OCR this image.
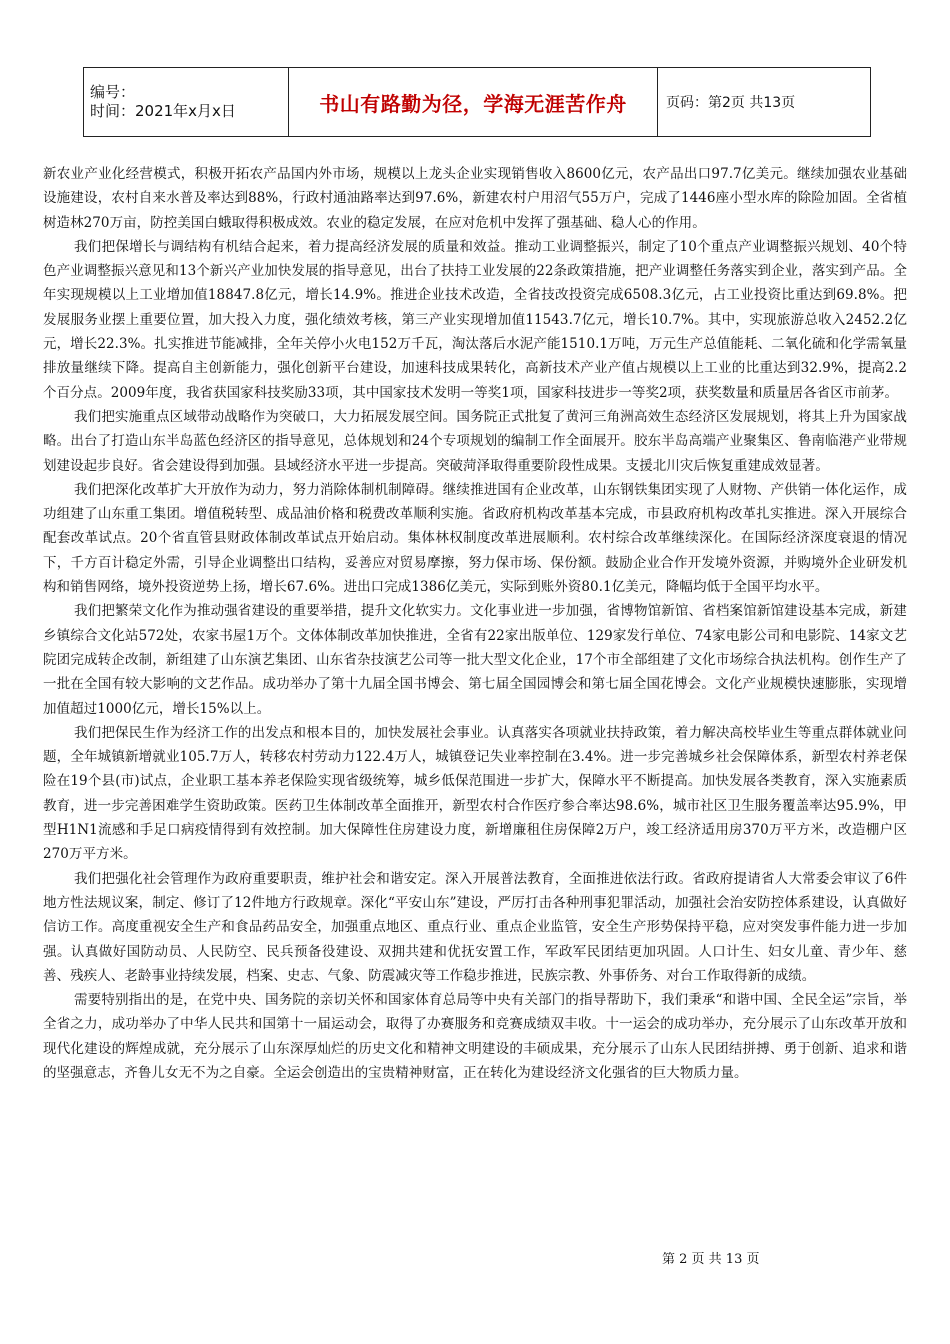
编号：
时间：2021年x月x日	书山有路勤为径，学海无涯苦作舟	页码：第2页 共13页

新农业产业化经营模式，积极开拓农产品国内外市场，规模以上龙头企业实现销售收入8600亿元，农产品出口97.7亿美元。继续加强农业基础设施建设，农村自来水普及率达到88%，行政村通油路率达到97.6%，新建农村户用沼气55万户，完成了1446座小型水库的除险加固。全省植树造林270万亩，防控美国白蛾取得积极成效。农业的稳定发展，在应对危机中发挥了强基础、稳人心的作用。

我们把保增长与调结构有机结合起来，着力提高经济发展的质量和效益。推动工业调整振兴，制定了10个重点产业调整振兴规划、40个特色产业调整振兴意见和13个新兴产业加快发展的指导意见，出台了扶持工业发展的22条政策措施，把产业调整任务落实到企业，落实到产品。全年实现规模以上工业增加值18847.8亿元，增长14.9%。推进企业技术改造，全省技改投资完成6508.3亿元，占工业投资比重达到69.8%。把发展服务业摆上重要位置，加大投入力度，强化绩效考核，第三产业实现增加值11543.7亿元，增长10.7%。其中，实现旅游总收入2452.2亿元，增长22.3%。扎实推进节能减排，全年关停小火电152万千瓦，淘汰落后水泥产能1510.1万吨，万元生产总值能耗、二氧化硫和化学需氧量排放量继续下降。提高自主创新能力，强化创新平台建设，加速科技成果转化，高新技术产业产值占规模以上工业的比重达到32.9%，提高2.2个百分点。2009年度，我省获国家科技奖励33项，其中国家技术发明一等奖1项，国家科技进步一等奖2项，获奖数量和质量居各省区市前茅。

我们把实施重点区域带动战略作为突破口，大力拓展发展空间。国务院正式批复了黄河三角洲高效生态经济区发展规划，将其上升为国家战略。出台了打造山东半岛蓝色经济区的指导意见，总体规划和24个专项规划的编制工作全面展开。胶东半岛高端产业聚集区、鲁南临港产业带规划建设起步良好。省会建设得到加强。县域经济水平进一步提高。突破菏泽取得重要阶段性成果。支援北川灾后恢复重建成效显著。

我们把深化改革扩大开放作为动力，努力消除体制机制障碍。继续推进国有企业改革，山东钢铁集团实现了人财物、产供销一体化运作，成功组建了山东重工集团。增值税转型、成品油价格和税费改革顺利实施。省政府机构改革基本完成，市县政府机构改革扎实推进。深入开展综合配套改革试点。20个省直管县财政体制改革试点开始启动。集体林权制度改革进展顺利。农村综合改革继续深化。在国际经济深度衰退的情况下，千方百计稳定外需，引导企业调整出口结构，妥善应对贸易摩擦，努力保市场、保份额。鼓励企业合作开发境外资源，并购境外企业研发机构和销售网络，境外投资逆势上扬，增长67.6%。进出口完成1386亿美元，实际到账外资80.1亿美元，降幅均低于全国平均水平。

我们把繁荣文化作为推动强省建设的重要举措，提升文化软实力。文化事业进一步加强，省博物馆新馆、省档案馆新馆建设基本完成，新建乡镇综合文化站572处，农家书屋1万个。文体体制改革加快推进，全省有22家出版单位、129家发行单位、74家电影公司和电影院、14家文艺院团完成转企改制，新组建了山东演艺集团、山东省杂技演艺公司等一批大型文化企业，17个市全部组建了文化市场综合执法机构。创作生产了一批在全国有较大影响的文艺作品。成功举办了第十九届全国书博会、第七届全国园博会和第七届全国花博会。文化产业规模快速膨胀，实现增加值超过1000亿元，增长15%以上。

我们把保民生作为经济工作的出发点和根本目的，加快发展社会事业。认真落实各项就业扶持政策，着力解决高校毕业生等重点群体就业问题，全年城镇新增就业105.7万人，转移农村劳动力122.4万人，城镇登记失业率控制在3.4%。进一步完善城乡社会保障体系，新型农村养老保险在19个县(市)试点，企业职工基本养老保险实现省级统筹，城乡低保范围进一步扩大，保障水平不断提高。加快发展各类教育，深入实施素质教育，进一步完善困难学生资助政策。医药卫生体制改革全面推开，新型农村合作医疗参合率达98.6%，城市社区卫生服务覆盖率达95.9%，甲型H1N1流感和手足口病疫情得到有效控制。加大保障性住房建设力度，新增廉租住房保障2万户，竣工经济适用房370万平方米，改造棚户区270万平方米。

我们把强化社会管理作为政府重要职责，维护社会和谐安定。深入开展普法教育，全面推进依法行政。省政府提请省人大常委会审议了6件地方性法规议案，制定、修订了12件地方行政规章。深化“平安山东”建设，严厉打击各种刑事犯罪活动，加强社会治安防控体系建设，认真做好信访工作。高度重视安全生产和食品药品安全，加强重点地区、重点行业、重点企业监管，安全生产形势保持平稳，应对突发事件能力进一步加强。认真做好国防动员、人民防空、民兵预备役建设、双拥共建和优抚安置工作，军政军民团结更加巩固。人口计生、妇女儿童、青少年、慈善、残疾人、老龄事业持续发展，档案、史志、气象、防震减灾等工作稳步推进，民族宗教、外事侨务、对台工作取得新的成绩。

需要特别指出的是，在党中央、国务院的亲切关怀和国家体育总局等中央有关部门的指导帮助下，我们秉承“和谐中国、全民全运”宗旨，举全省之力，成功举办了中华人民共和国第十一届运动会，取得了办赛服务和竞赛成绩双丰收。十一运会的成功举办，充分展示了山东改革开放和现代化建设的辉煌成就，充分展示了山东深厚灿烂的历史文化和精神文明建设的丰硕成果，充分展示了山东人民团结拼搏、勇于创新、追求和谐的坚强意志，齐鲁儿女无不为之自豪。全运会创造出的宝贵精神财富，正在转化为建设经济文化强省的巨大物质力量。

第 2 页 共 13 页
